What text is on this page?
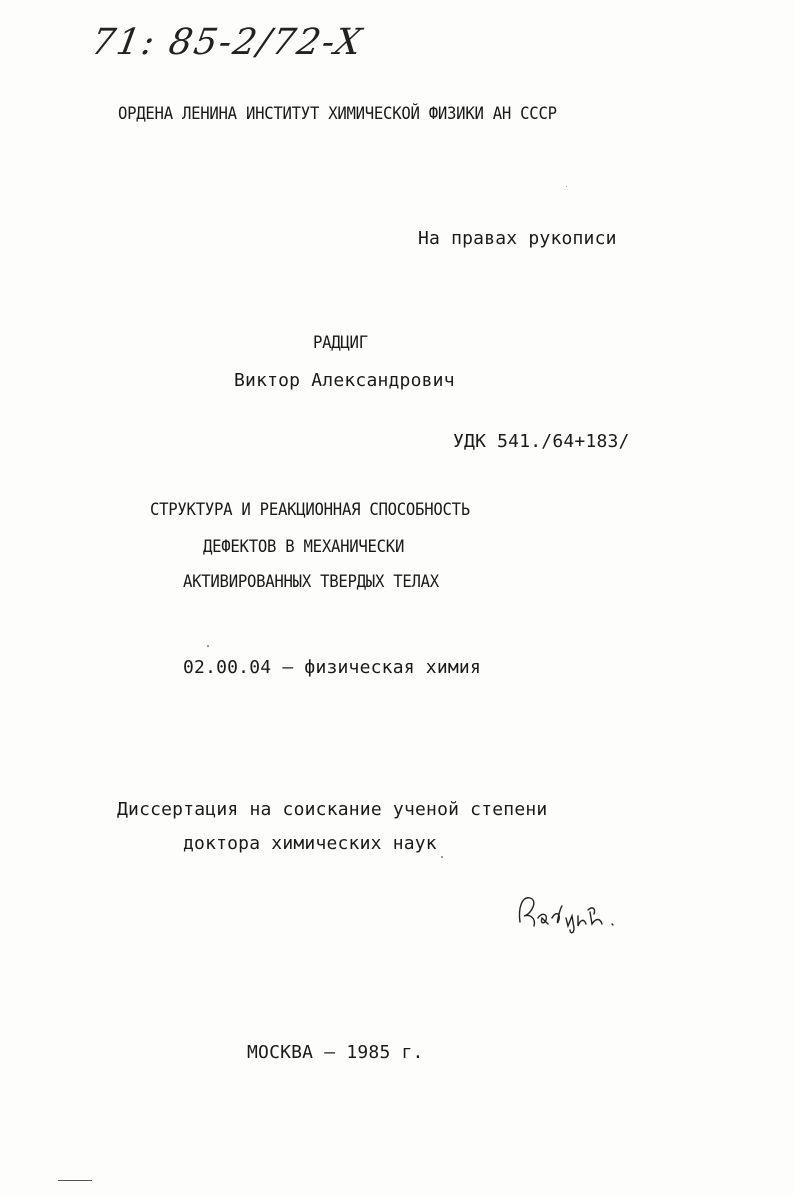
71: 85-2/72-X
ОРДЕНА ЛЕНИНА ИНСТИТУТ ХИМИЧЕСКОЙ ФИЗИКИ АН СССР
На правах рукописи
РАДЦИГ
Виктор Александрович
УДК 541./64+183/
СТРУКТУРА И РЕАКЦИОННАЯ СПОСОБНОСТЬ
ДЕФЕКТОВ В МЕХАНИЧЕСКИ
АКТИВИРОВАННЫХ ТВЕРДЫХ ТЕЛАХ
02.00.04 – физическая химия
Диссертация на соискание ученой степени
доктора химических наук
МОСКВА – 1985 г.
